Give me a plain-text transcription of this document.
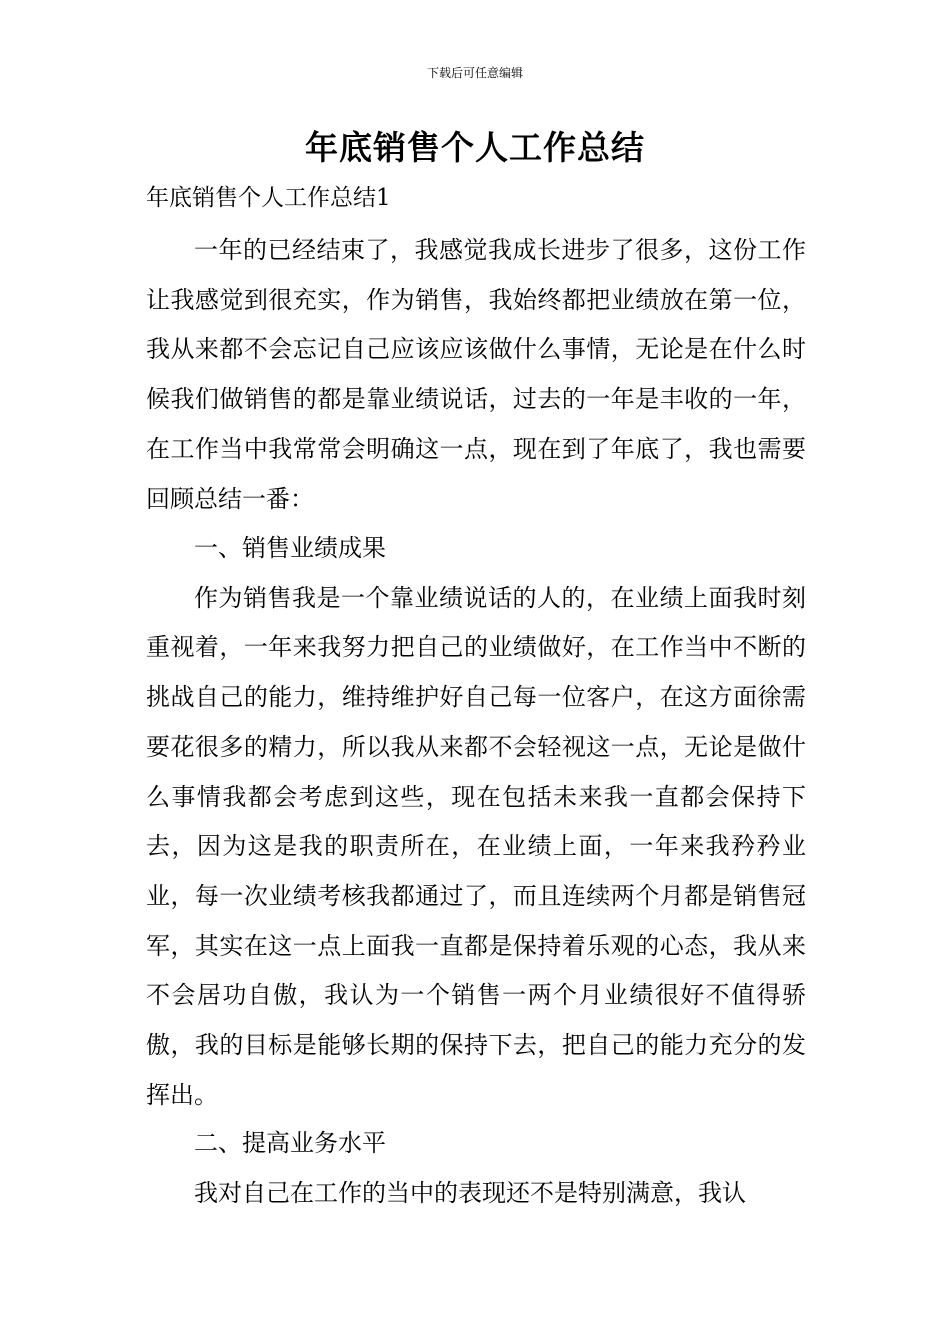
下载后可任意编辑
年底销售个人工作总结
年底销售个人工作总结1

一年的已经结束了，我感觉我成长进步了很多，这份工作让我感觉到很充实，作为销售，我始终都把业绩放在第一位，我从来都不会忘记自己应该应该做什么事情，无论是在什么时候我们做销售的都是靠业绩说话，过去的一年是丰收的一年，在工作当中我常常会明确这一点，现在到了年底了，我也需要回顾总结一番：

一、销售业绩成果

作为销售我是一个靠业绩说话的人的，在业绩上面我时刻重视着，一年来我努力把自己的业绩做好，在工作当中不断的挑战自己的能力，维持维护好自己每一位客户，在这方面徐需要花很多的精力，所以我从来都不会轻视这一点，无论是做什么事情我都会考虑到这些，现在包括未来我一直都会保持下去，因为这是我的职责所在，在业绩上面，一年来我矜矜业业，每一次业绩考核我都通过了，而且连续两个月都是销售冠军，其实在这一点上面我一直都是保持着乐观的心态，我从来不会居功自傲，我认为一个销售一两个月业绩很好不值得骄傲，我的目标是能够长期的保持下去，把自己的能力充分的发挥出。

二、提高业务水平

我对自己在工作的当中的表现还不是特别满意，我认
